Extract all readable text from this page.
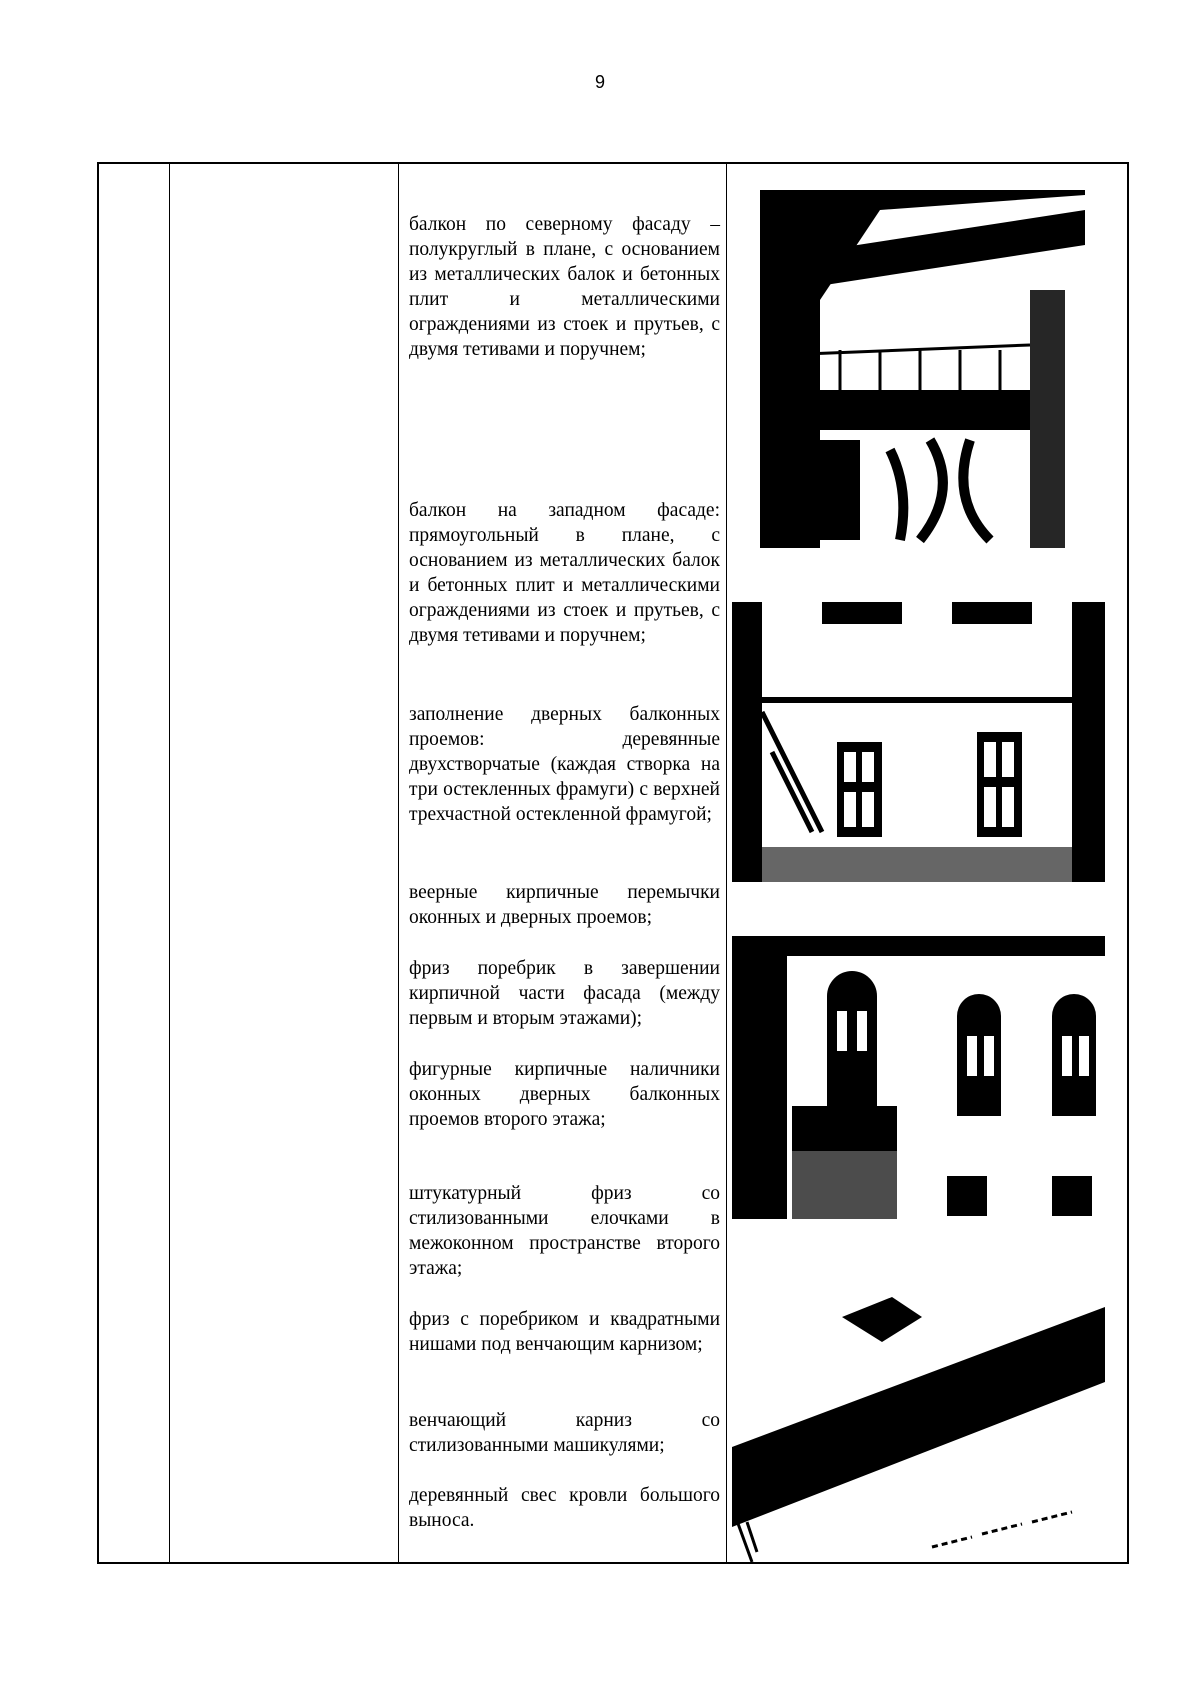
9

балкон по северному фасаду – полукруглый в плане, с основанием из металлических балок и бетонных плит и металлическими ограждениями из стоек и прутьев, с двумя тетивами и поручнем;

балкон на западном фасаде: прямоугольный в плане, с основанием из металлических балок и бетонных плит и металлическими ограждениями из стоек и прутьев, с двумя тетивами и поручнем;

заполнение дверных балконных проемов: деревянные двухстворчатые (каждая створка на три остекленных фрамуги) с верхней трехчастной остекленной фрамугой;

веерные кирпичные перемычки оконных и дверных проемов;

фриз поребрик в завершении кирпичной части фасада (между первым и вторым этажами);

фигурные кирпичные наличники оконных дверных балконных проемов второго этажа;

штукатурный фриз со стилизованными елочками в межоконном пространстве второго этажа;

фриз с поребриком и квадратными нишами под венчающим карнизом;

венчающий карниз со стилизованными машикулями;

деревянный свес кровли большого выноса.
